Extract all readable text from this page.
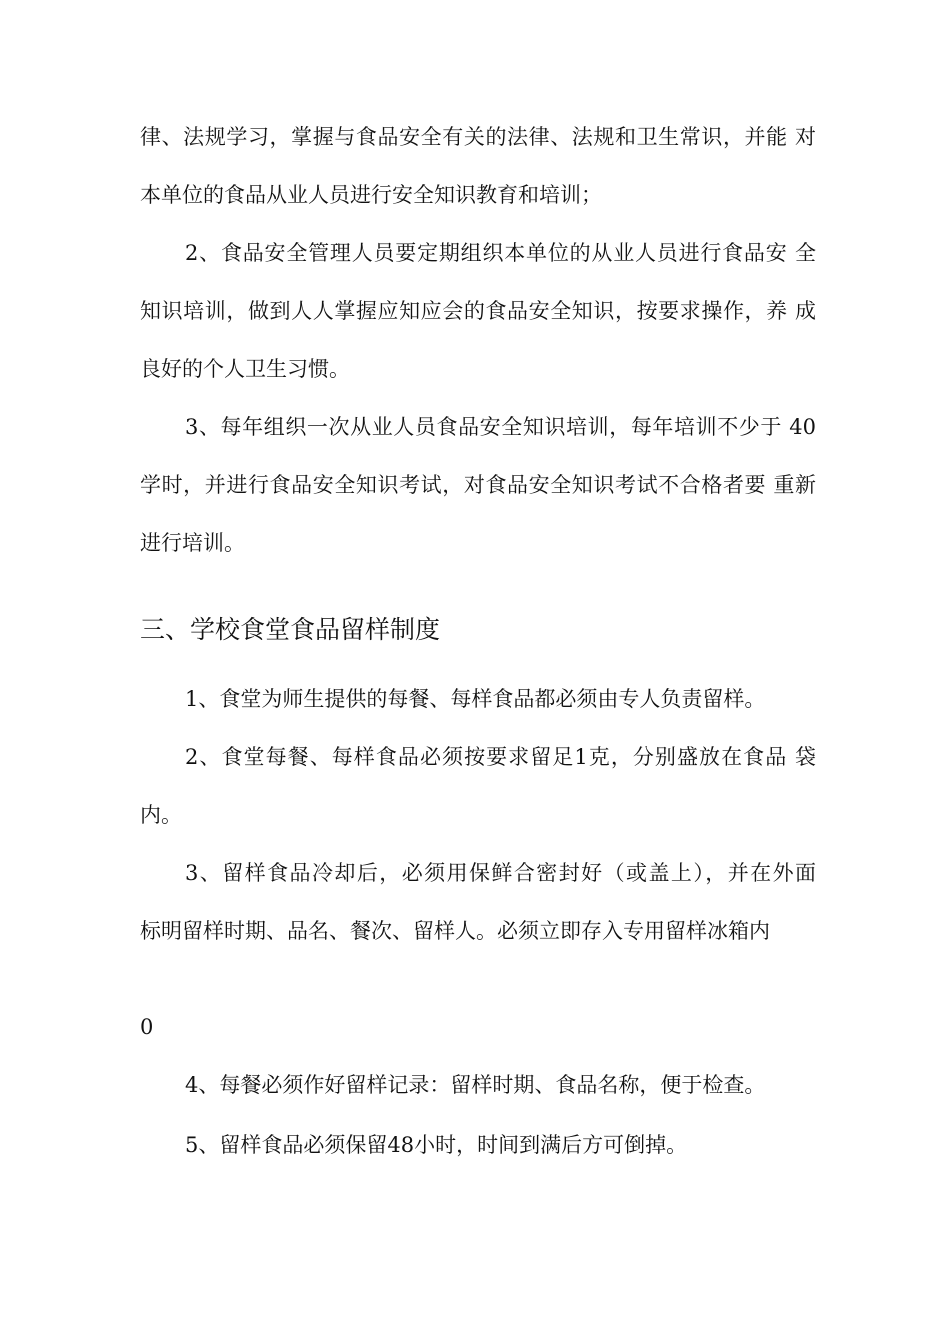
律、法规学习，掌握与食品安全有关的法律、法规和卫生常识，并能 对
本单位的食品从业人员进行安全知识教育和培训；
2、食品安全管理人员要定期组织本单位的从业人员进行食品安 全
知识培训，做到人人掌握应知应会的食品安全知识，按要求操作，养 成
良好的个人卫生习惯。
3、每年组织一次从业人员食品安全知识培训，每年培训不少于 40
学时，并进行食品安全知识考试，对食品安全知识考试不合格者要 重新
进行培训。
三、学校食堂食品留样制度
1、食堂为师生提供的每餐、每样食品都必须由专人负责留样。
2、食堂每餐、每样食品必须按要求留足1克，分别盛放在食品 袋
内。
3、留样食品冷却后，必须用保鲜合密封好（或盖上），并在外面
标明留样时期、品名、餐次、留样人。必须立即存入专用留样冰箱内
0
4、每餐必须作好留样记录：留样时期、食品名称，便于检查。
5、留样食品必须保留48小时，时间到满后方可倒掉。
